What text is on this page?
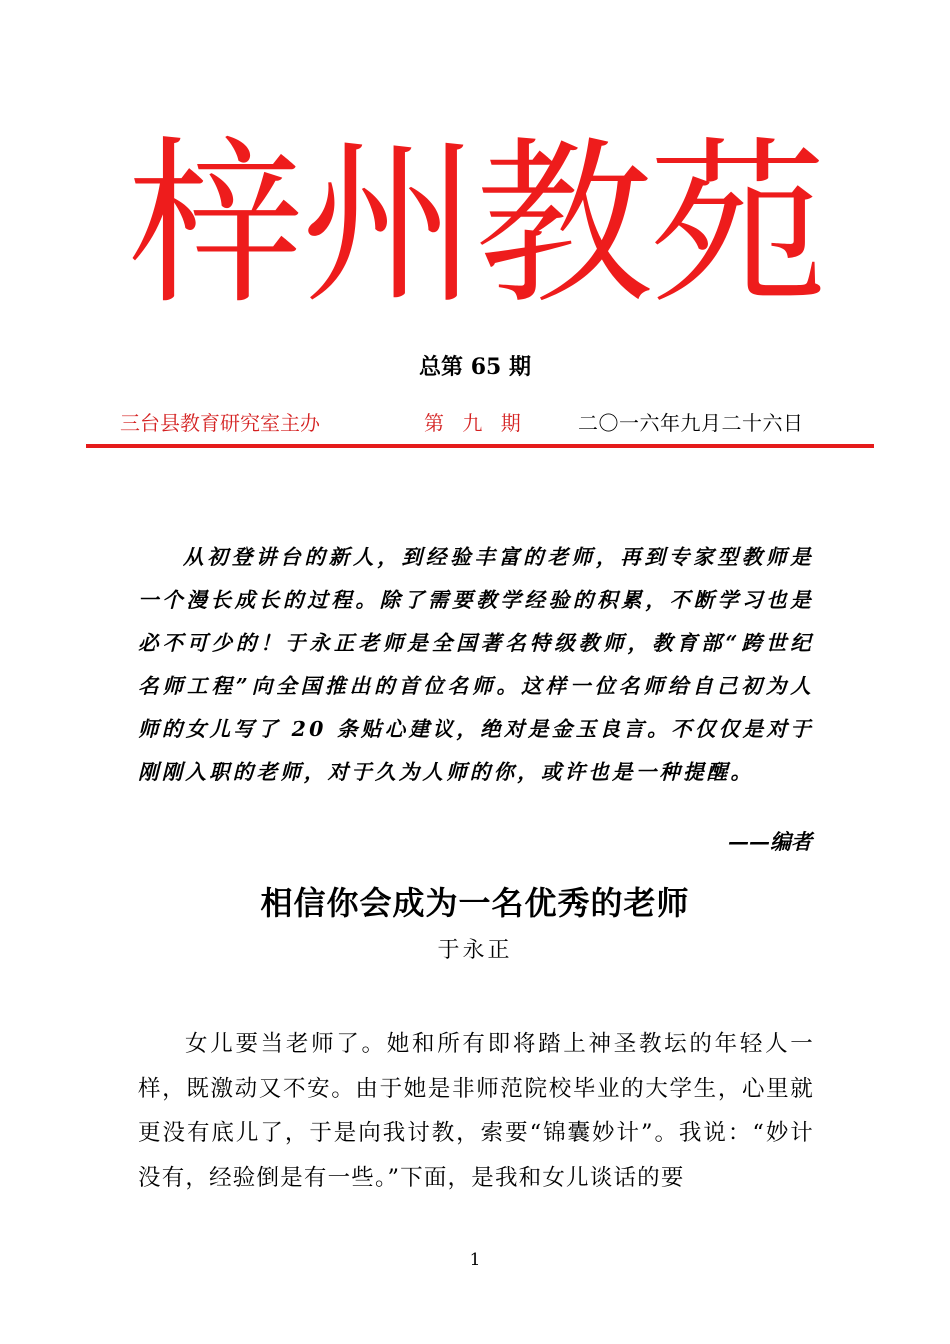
梓州教苑
总第 65 期
三台县教育研究室主办	第 九 期	二〇一六年九月二十六日
从初登讲台的新人，到经验丰富的老师，再到专家型教师是一个漫长成长的过程。除了需要教学经验的积累，不断学习也是必不可少的！于永正老师是全国著名特级教师，教育部“跨世纪名师工程”向全国推出的首位名师。这样一位名师给自己初为人师的女儿写了 20 条贴心建议，绝对是金玉良言。不仅仅是对于刚刚入职的老师，对于久为人师的你，或许也是一种提醒。
——编者
相信你会成为一名优秀的老师
于永正
女儿要当老师了。她和所有即将踏上神圣教坛的年轻人一样，既激动又不安。由于她是非师范院校毕业的大学生，心里就更没有底儿了，于是向我讨教，索要“锦囊妙计”。我说：“妙计没有，经验倒是有一些。”下面，是我和女儿谈话的要
1
